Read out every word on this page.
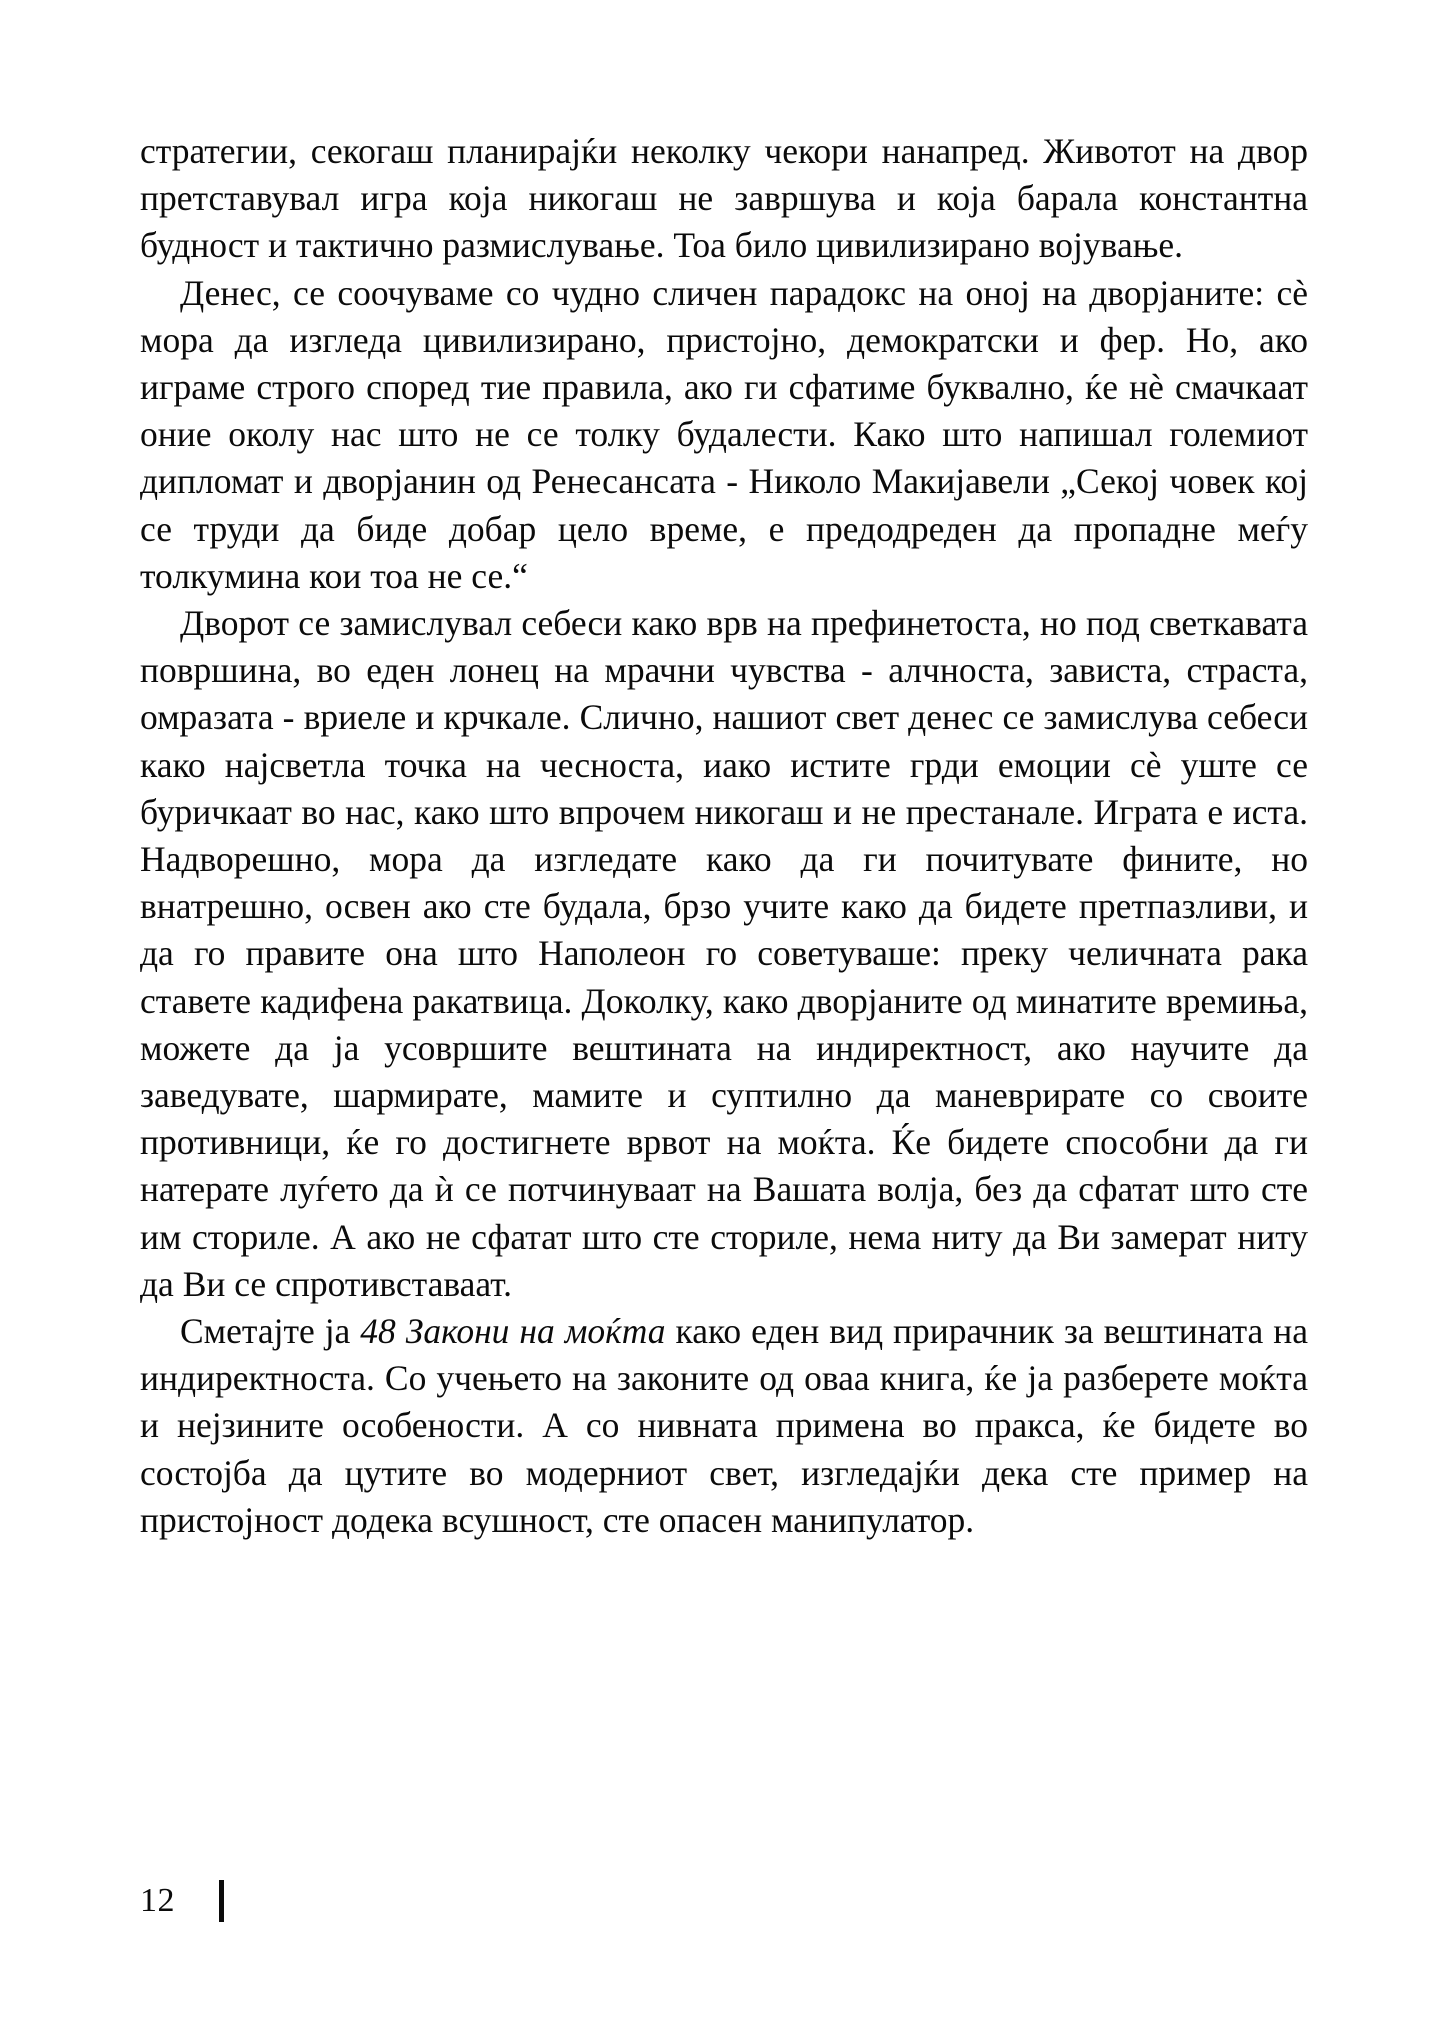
стратегии, секогаш планирајќи неколку чекори нанапред. Животот на двор претставувал игра која никогаш не завршува и која барала константна будност и тактично размислување. Тоа било цивилизирано војување.

Денес, се соочуваме со чудно сличен парадокс на оној на дворјаните: сѐ мора да изгледа цивилизирано, пристојно, демократски и фер. Но, ако играме строго според тие правила, ако ги сфатиме буквално, ќе нѐ смачкаат оние околу нас што не се толку будалести. Како што напишал големиот дипломат и дворјанин од Ренесансата - Николо Макијавели „Секој човек кој се труди да биде добар цело време, е предодреден да пропадне меѓу толкумина кои тоа не се.“

Дворот се замислувал себеси како врв на префинетоста, но под светкавата површина, во еден лонец на мрачни чувства - алчноста, зависта, страста, омразата - вриеле и крчкале. Слично, нашиот свет денес се замислува себеси како најсветла точка на чесноста, иако истите грди емоции сѐ уште се буричкаат во нас, како што впрочем никогаш и не престанале. Играта е иста. Надворешно, мора да изгледате како да ги почитувате фините, но внатрешно, освен ако сте будала, брзо учите како да бидете претпазливи, и да го правите она што Наполеон го советуваше: преку челичната рака ставете кадифена ракатвица. Доколку, како дворјаните од минатите времиња, можете да ја усовршите вештината на индиректност, ако научите да заведувате, шармирате, мамите и суптилно да маневрирате со своите противници, ќе го достигнете врвот на моќта. Ќе бидете способни да ги натерате луѓето да ѝ се потчинуваат на Вашата волја, без да сфатат што сте им сториле. А ако не сфатат што сте сториле, нема ниту да Ви замерат ниту да Ви се спротивставаат.

Сметајте ја 48 Закони на моќта како еден вид прирачник за вештината на индиректноста. Со учењето на законите од оваа книга, ќе ја разберете моќта и нејзините особености. А со нивната примена во пракса, ќе бидете во состојба да цутите во модерниот свет, изгледајќи дека сте пример на пристојност додека всушност, сте опасен манипулатор.

12
